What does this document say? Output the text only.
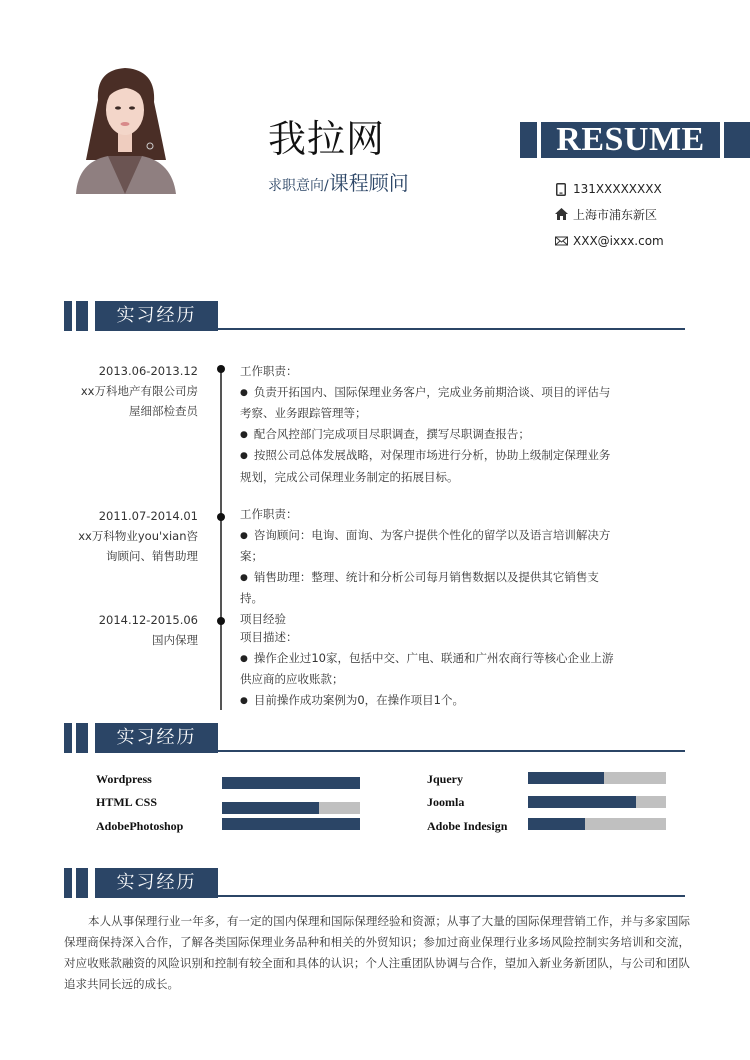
我拉网
求职意向/课程顾问
RESUME
131XXXXXXXX
上海市浦东新区
XXX@ixxx.com
实习经历
2013.06-2013.12
xx万科地产有限公司房
屋细部检查员
工作职责：
● 负责开拓国内、国际保理业务客户，完成业务前期洽谈、项目的评估与考察、业务跟踪管理等；
● 配合风控部门完成项目尽职调查，撰写尽职调查报告；
● 按照公司总体发展战略，对保理市场进行分析，协助上级制定保理业务规划，完成公司保理业务制定的拓展目标。
2011.07-2014.01
xx万科物业you'xian咨
询顾问、销售助理
工作职责：
● 咨询顾问：电询、面询、为客户提供个性化的留学以及语言培训解决方案；
● 销售助理：整理、统计和分析公司每月销售数据以及提供其它销售支持。
项目经验
2014.12-2015.06
国内保理	项目描述：
● 操作企业过10家，包括中交、广电、联通和广州农商行等核心企业上游供应商的应收账款；
● 目前操作成功案例为0，在操作项目1个。
实习经历
Wordpress
HTML CSS
AdobePhotoshop
Jquery
Joomla
Adobe Indesign
实习经历
本人从事保理行业一年多，有一定的国内保理和国际保理经验和资源；从事了大量的国际保理营销工作，并与多家国际保理商保持深入合作，了解各类国际保理业务品种和相关的外贸知识；参加过商业保理行业多场风险控制实务培训和交流，对应收账款融资的风险识别和控制有较全面和具体的认识；个人注重团队协调与合作，望加入新业务新团队，与公司和团队追求共同长远的成长。
